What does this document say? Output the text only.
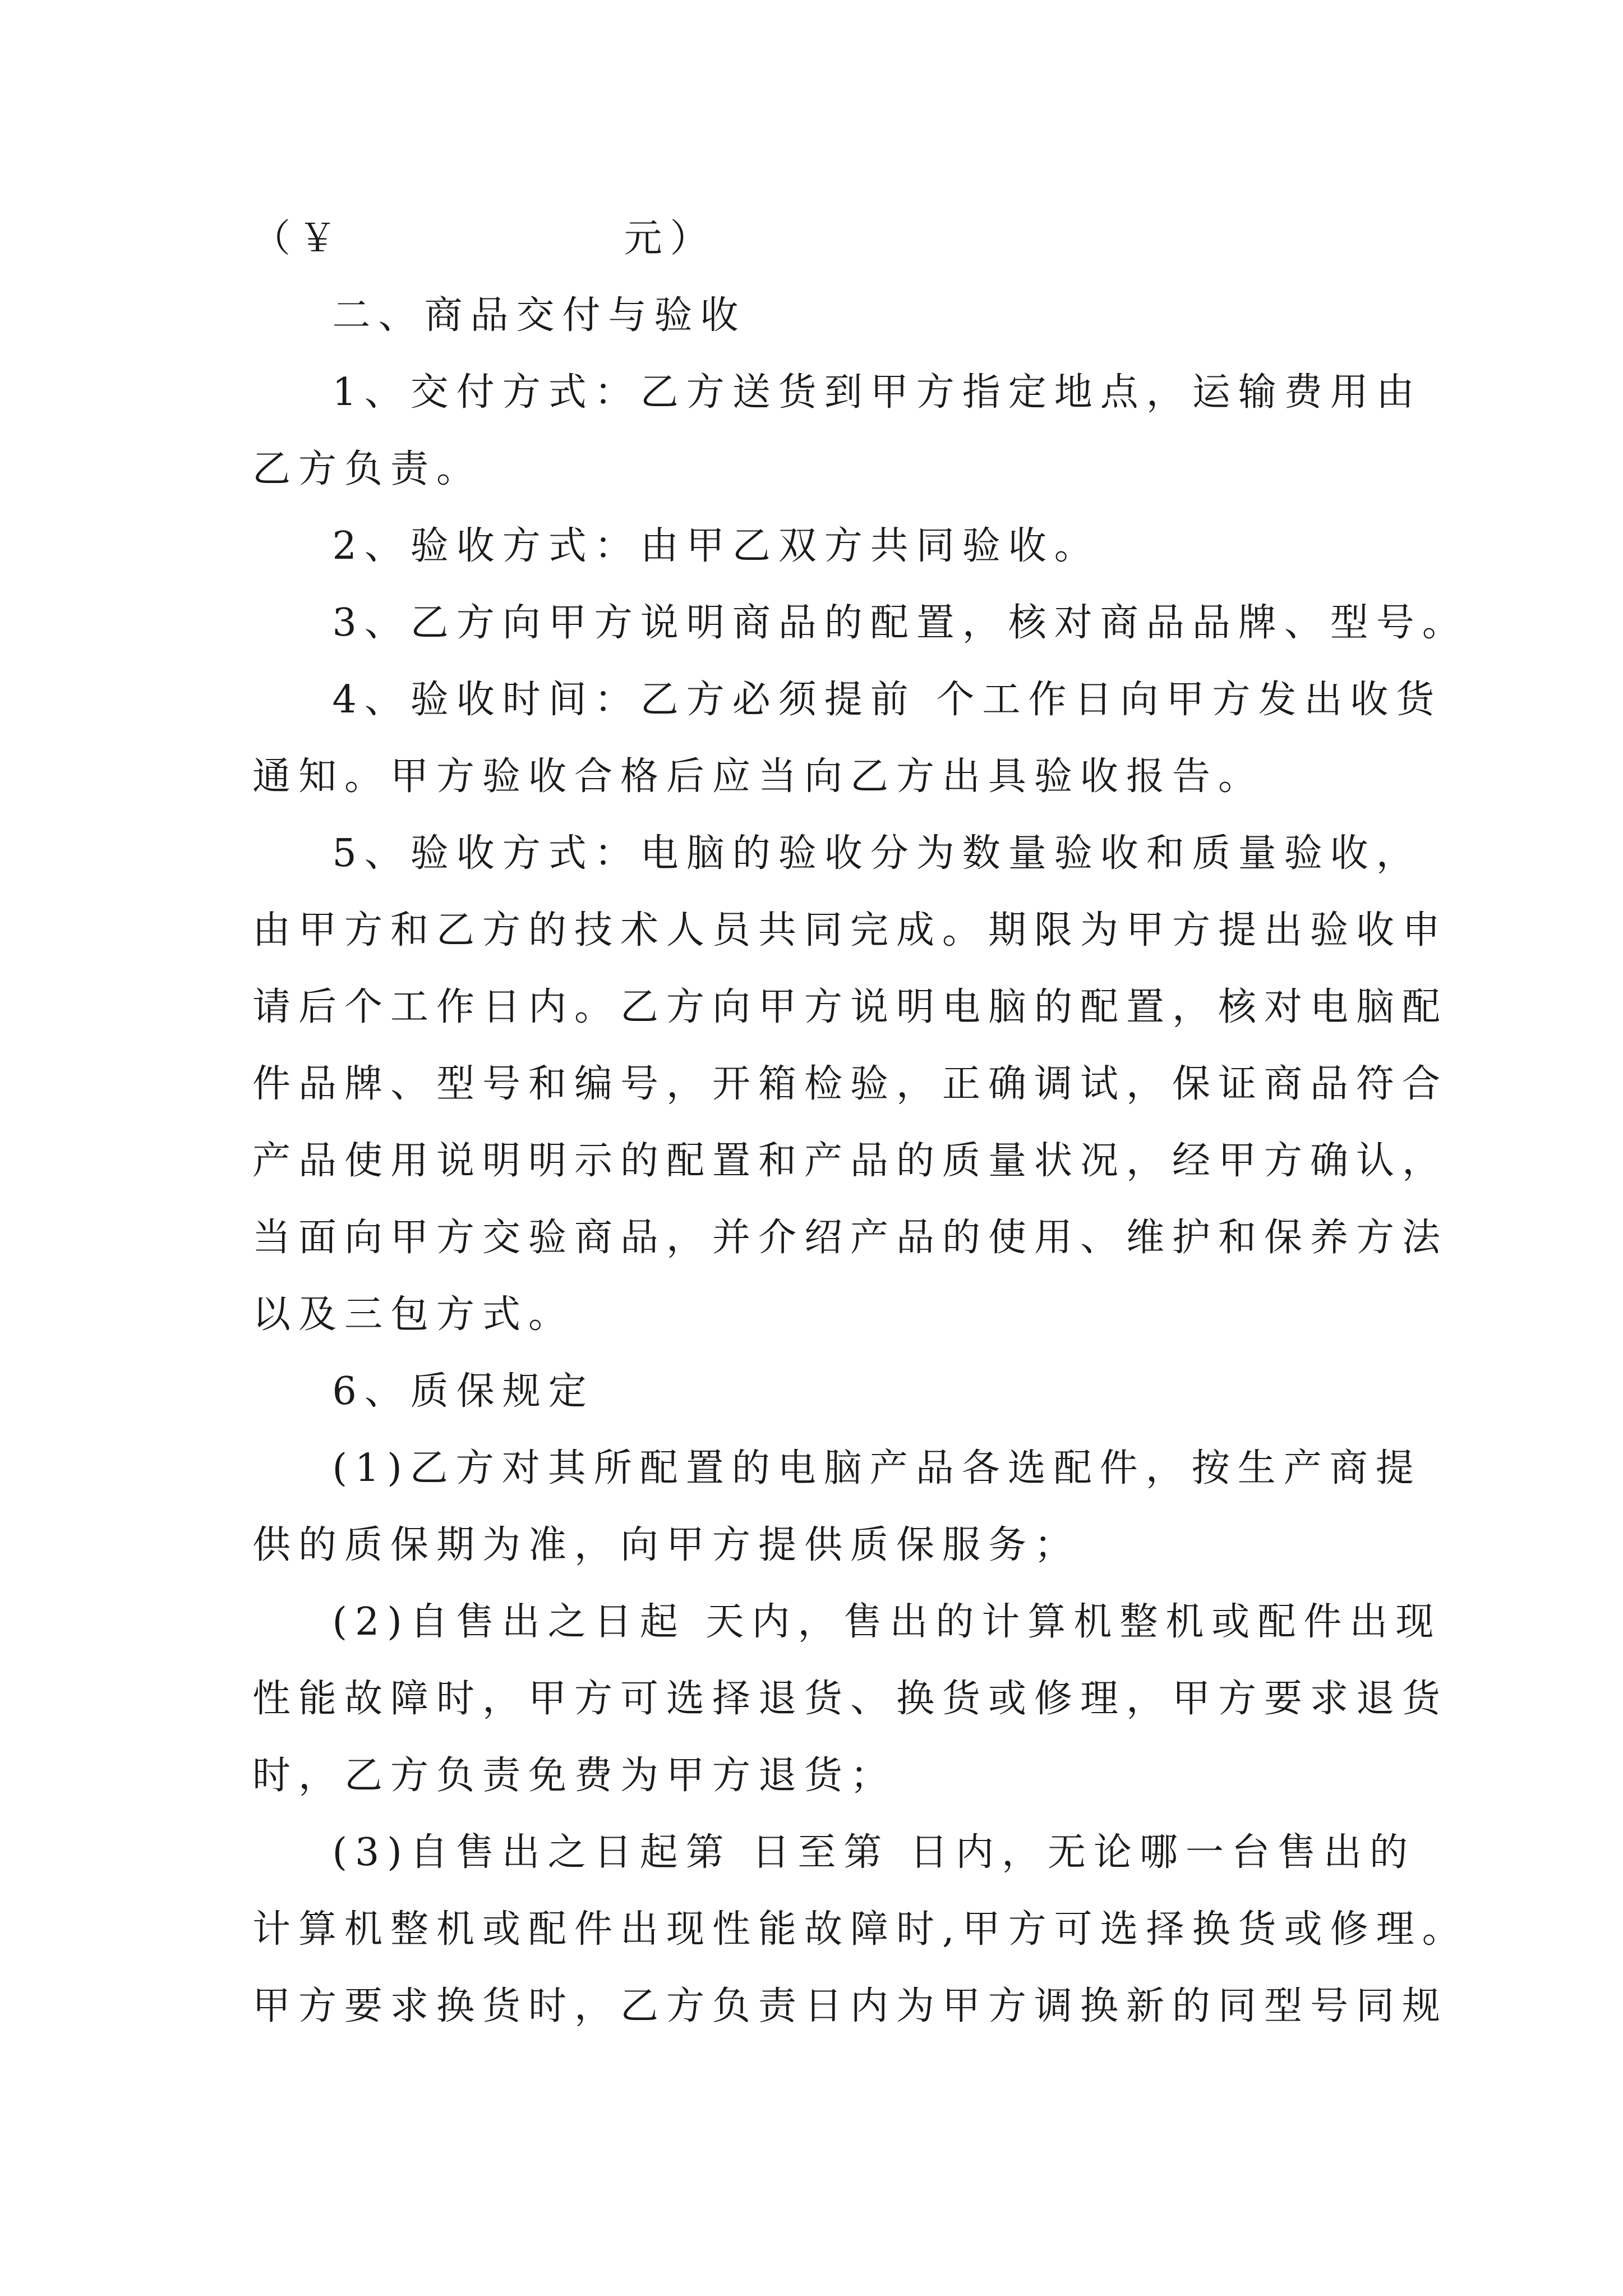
（￥              元）
二、商品交付与验收
1、交付方式：乙方送货到甲方指定地点，运输费用由
乙方负责。
2、验收方式：由甲乙双方共同验收。
3、乙方向甲方说明商品的配置，核对商品品牌、型号。
4、验收时间：乙方必须提前 个工作日向甲方发出收货
通知。甲方验收合格后应当向乙方出具验收报告。
5、验收方式：电脑的验收分为数量验收和质量验收，
由甲方和乙方的技术人员共同完成。期限为甲方提出验收申
请后个工作日内。乙方向甲方说明电脑的配置，核对电脑配
件品牌、型号和编号，开箱检验，正确调试，保证商品符合
产品使用说明明示的配置和产品的质量状况，经甲方确认，
当面向甲方交验商品，并介绍产品的使用、维护和保养方法
以及三包方式。
6、质保规定
(1)乙方对其所配置的电脑产品各选配件，按生产商提
供的质保期为准，向甲方提供质保服务；
(2)自售出之日起 天内，售出的计算机整机或配件出现
性能故障时，甲方可选择退货、换货或修理，甲方要求退货
时，乙方负责免费为甲方退货；
(3)自售出之日起第 日至第 日内，无论哪一台售出的
计算机整机或配件出现性能故障时,甲方可选择换货或修理。
甲方要求换货时，乙方负责日内为甲方调换新的同型号同规
